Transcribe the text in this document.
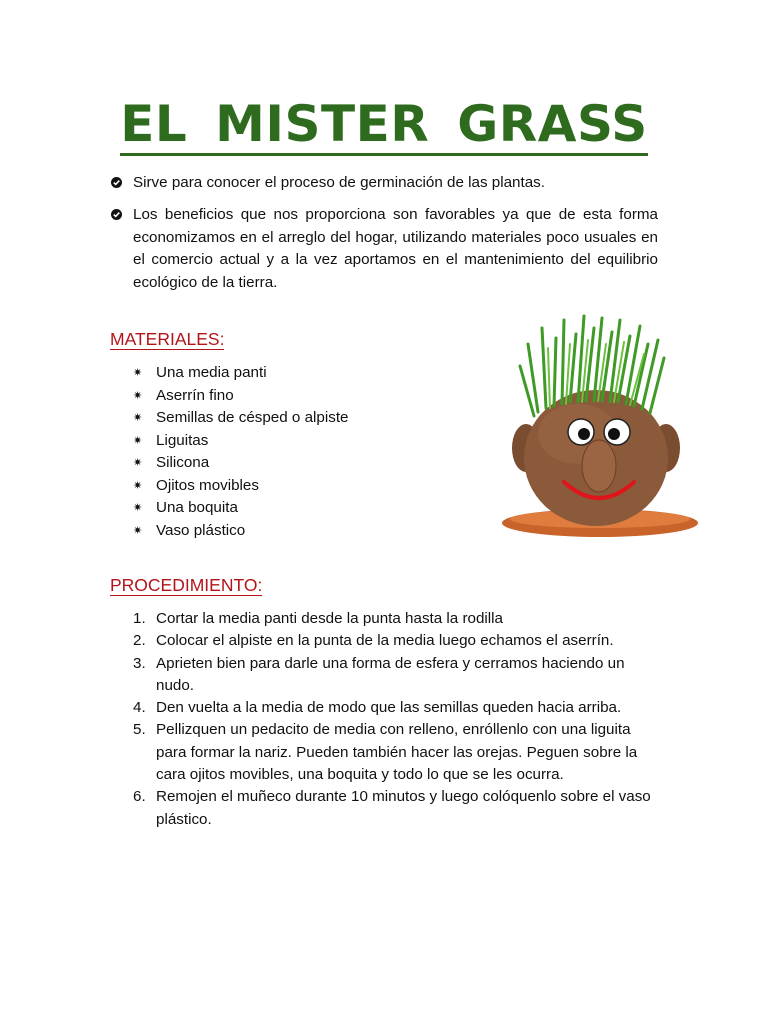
EL MISTER GRASS
Sirve para conocer el proceso de germinación de las plantas.
Los beneficios que nos proporciona son favorables ya que de esta forma economizamos en el arreglo del hogar, utilizando materiales poco usuales en el comercio actual y a la vez aportamos en el mantenimiento del equilibrio ecológico de la tierra.
MATERIALES:
✷ Una media panti
✷ Aserrín fino
✷ Semillas de césped o alpiste
✷ Liguitas
✷ Silicona
✷ Ojitos movibles
✷ Una boquita
✷ Vaso plástico
PROCEDIMIENTO:
1. Cortar la media panti desde la punta hasta la rodilla
2. Colocar el alpiste en la punta de la media luego echamos el aserrín.
3. Aprieten bien para darle una forma de esfera y cerramos haciendo un nudo.
4. Den vuelta a la media de modo que las semillas queden hacia arriba.
5. Pellizquen un pedacito de media con relleno, enróllenlo con una liguita para formar la nariz. Pueden también hacer las orejas. Peguen sobre la cara ojitos movibles, una boquita y todo lo que se les ocurra.
6. Remojen el muñeco durante 10 minutos y luego colóquenlo sobre el vaso plástico.
